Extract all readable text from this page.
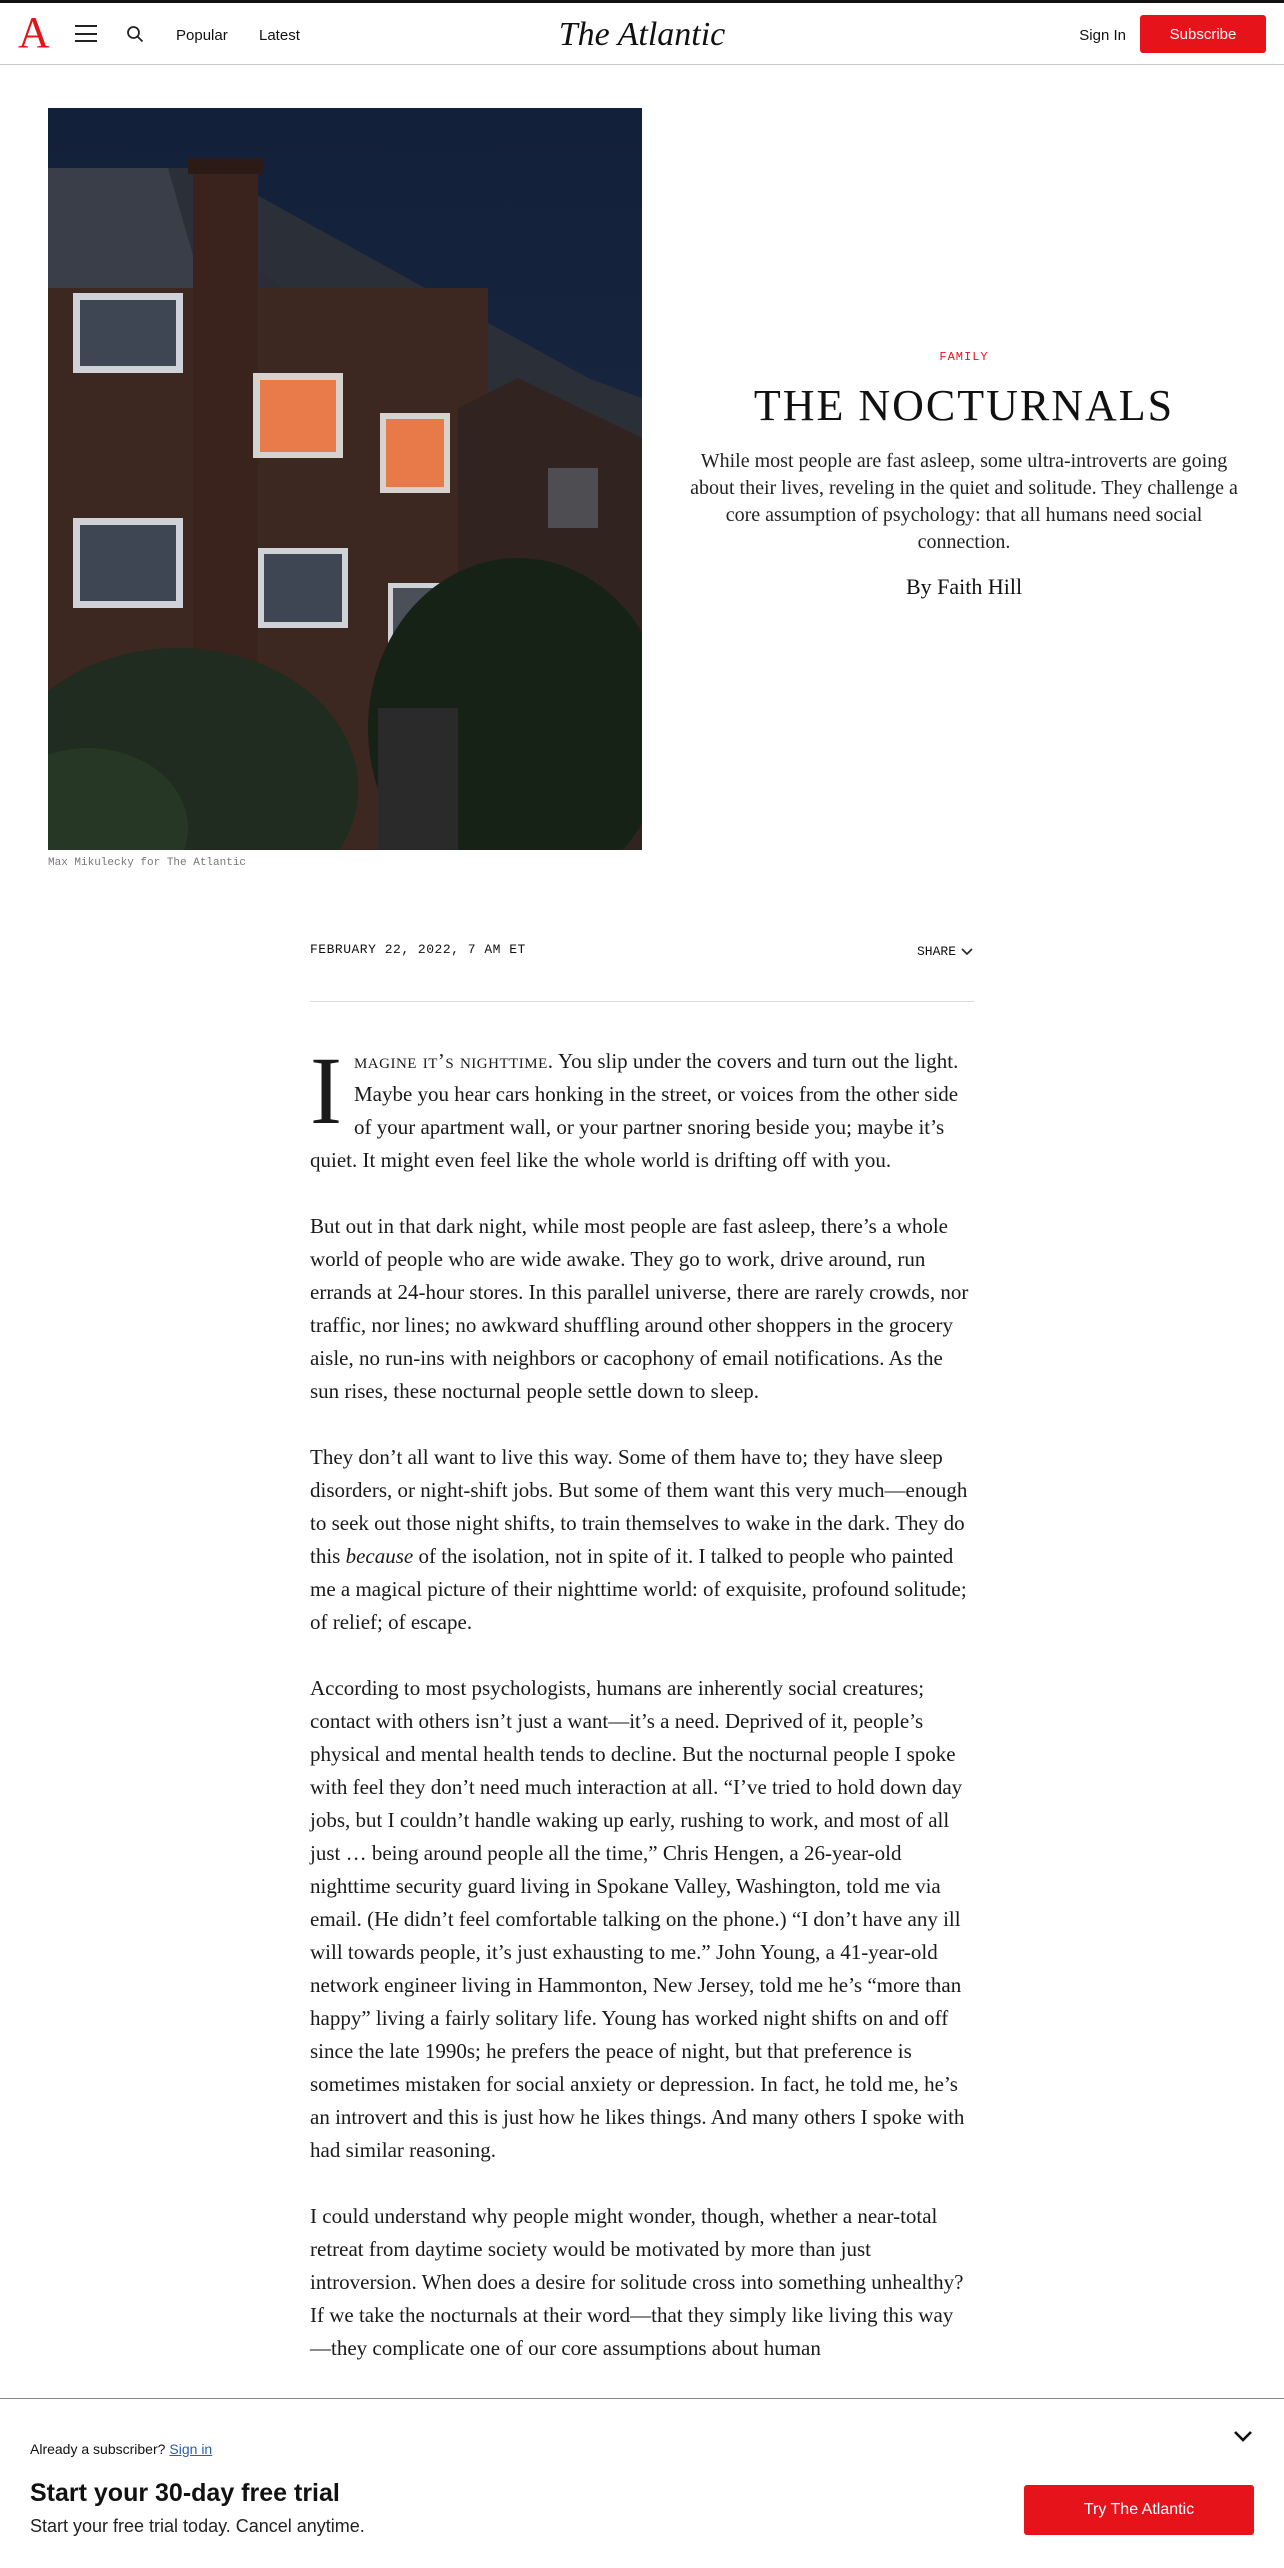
A	Popular Latest	The Atlantic	Sign In	Subscribe
Max Mikulecky for The Atlantic
FAMILY
THE NOCTURNALS

While most people are fast asleep, some ultra-introverts are going about their lives, reveling in the quiet and solitude. They challenge a core assumption of psychology: that all humans need social connection.

By Faith Hill

FEBRUARY 22, 2022, 7 AM ET	SHARE

Imagine it’s nighttime. You slip under the covers and turn out the light. Maybe you hear cars honking in the street, or voices from the other side of your apartment wall, or your partner snoring beside you; maybe it’s quiet. It might even feel like the whole world is drifting off with you.

But out in that dark night, while most people are fast asleep, there’s a whole world of people who are wide awake. They go to work, drive around, run errands at 24-hour stores. In this parallel universe, there are rarely crowds, nor traffic, nor lines; no awkward shuffling around other shoppers in the grocery aisle, no run-ins with neighbors or cacophony of email notifications. As the sun rises, these nocturnal people settle down to sleep.

They don’t all want to live this way. Some of them have to; they have sleep disorders, or night-shift jobs. But some of them want this very much—enough to seek out those night shifts, to train themselves to wake in the dark. They do this because of the isolation, not in spite of it. I talked to people who painted me a magical picture of their nighttime world: of exquisite, profound solitude; of relief; of escape.

According to most psychologists, humans are inherently social creatures; contact with others isn’t just a want—it’s a need. Deprived of it, people’s physical and mental health tends to decline. But the nocturnal people I spoke with feel they don’t need much interaction at all. “I’ve tried to hold down day jobs, but I couldn’t handle waking up early, rushing to work, and most of all just … being around people all the time,” Chris Hengen, a 26-year-old nighttime security guard living in Spokane Valley, Washington, told me via email. (He didn’t feel comfortable talking on the phone.) “I don’t have any ill will towards people, it’s just exhausting to me.” John Young, a 41-year-old network engineer living in Hammonton, New Jersey, told me he’s “more than happy” living a fairly solitary life. Young has worked night shifts on and off since the late 1990s; he prefers the peace of night, but that preference is sometimes mistaken for social anxiety or depression. In fact, he told me, he’s an introvert and this is just how he likes things. And many others I spoke with had similar reasoning.

I could understand why people might wonder, though, whether a near-total retreat from daytime society would be motivated by more than just introversion. When does a desire for solitude cross into something unhealthy? If we take the nocturnals at their word—that they simply like living this way—they complicate one of our core assumptions about human

Already a subscriber? Sign in
Start your 30-day free trial
Start your free trial today. Cancel anytime.
Try The Atlantic
